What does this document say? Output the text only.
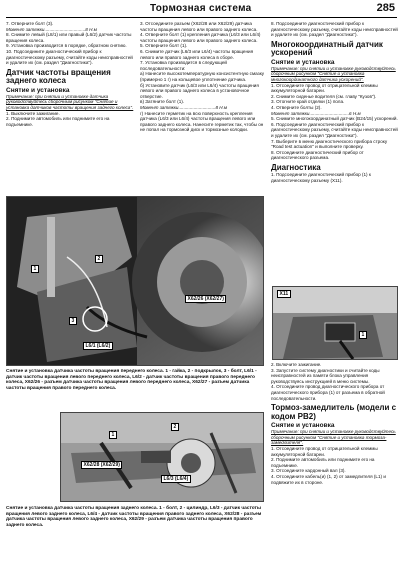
Тормозная система	285

7. Отверните болт (3).

Момент затяжки................................8 Н.м

8. Снимите левый (L8/1) или правый (L6/2) датчик частоты вращения колеса.

9. Установка производится в порядке, обратном снятию.

10. Подсоедините диагностический прибор к диагностическому разъему, считайте коды неисправностей и удалите их (см. раздел "Диагностика").

Датчик частоты вращения заднего колеса
Снятие и установка

Примечание: при снятии и установке датчика руководствуйтесь сборочным рисунком "Снятие и установка датчиков частоты вращения заднего колеса".

1. Выключите зажигание.

2. Поднимите автомобиль или поднимите его на подъемнике.

3. Отсоедините разъем (X62/28 или X62/29) датчика частоты вращения левого или правого заднего колеса.

4. Отверните болт (1) крепления датчика (L6/3 или L6/4) частоты вращения левого или правого заднего колеса.

5. Отверните болт (1).

6. Снимите датчик (L6/3 или L6/4) частоты вращения левого или правого заднего колеса в сборе.

7. Установка производится в следующей последовательности:

а) Нанесите высокотемпературную консистентную смазку (примерно 1 г) на кольцевое уплотнение датчика.

б) Установите датчик (L6/3 или L6/4) частоты вращения левого или правого заднего колеса в установочное отверстие.

в) Затяните болт (1).

Момент затяжки.............................8 Н.м

г) Нанесите герметик на всю поверхность крепления датчика (L6/3 или L6/4) частоты вращения левого или правого заднего колеса. Нанесите герметик так, чтобы он не попал на тормозной диск и тормозные колодки.

8. Подсоедините диагностический прибор к диагностическому разъему, считайте коды неисправностей и удалите их (см. раздел "Диагностика").

Многокоординатный датчик ускорений
Снятие и установка

Примечание: при снятии и установке руководствуйтесь сборочным рисунком "Снятие и установка многокоординатного датчика ускорений".

1. Отсоедините провод от отрицательной клеммы аккумуляторной батареи.

2. Снимите сиденье водителя (см. главу "Кузов").

3. Отогните край отделки (1) пола.

4. Отверните болты (2).

Момент затяжки...............................6 Н.м

5. Снимите многокоординатный датчик (B24/15) ускорений.

6. Подсоедините диагностический прибор к диагностическому разъему, считайте коды неисправностей и удалите их (см. раздел "Диагностика").

7. Выберите в меню диагностического прибора строку "Road test actuation" и выполните проверку.

8. Отсоедините диагностический прибор от диагностического разъема.

Диагностика

1. Подсоедините диагностический прибор (1) к диагностическому разъему (X11).

2. Включите зажигание.

3. Запустите систему диагностики и считайте коды неисправностей из памяти блока управления руководствуясь инструкцией в меню системы.

4. Отсоедините провод диагностического прибора от диагностического прибора (1) от разъема в обратной последовательности.

Тормоз-замедлитель (модели с кодом PB2)
Снятие и установка

Примечание: при снятии и установке руководствуйтесь сборочным рисунком "Снятие и установка тормоза-замедлителя".

1. Отсоедините провод от отрицательной клеммы аккумуляторной батареи.

2. Поднимите автомобиль или поднимите его на подъемнике.

3. Отсоедините кардонный вал (3).

4. Отсоедините кабель(и) (1, 2) от замедлителя (L1) и подвяжите их в стороне.

1
2
3
L6/1 (L6/2)
X62/26 (X62/27)
Снятие и установка датчика частоты вращения переднего колеса. 1 - гайка, 2 - подкрылок, 3 - болт, L6/1 - датчик частоты вращения левого переднего колеса, L6/2 - датчик частоты вращения правого переднего колеса, X62/26 - разъем датчика частоты вращения левого переднего колеса, X62/27 - разъем датчика частоты вращения правого переднего колеса.
1
2
X62/28 (X62/29)
L6/3 (L6/4)
Снятие и установка датчика частоты вращения заднего колеса. 1 - болт, 2 - цилиндр, L6/3 - датчик частоты вращения левого заднего колеса, L6/4 - датчик частоты вращения правого заднего колеса, X62/28 - разъем датчика частоты вращения левого заднего колеса, X62/29 - разъем датчика частоты вращения правого заднего колеса.
X11
1
